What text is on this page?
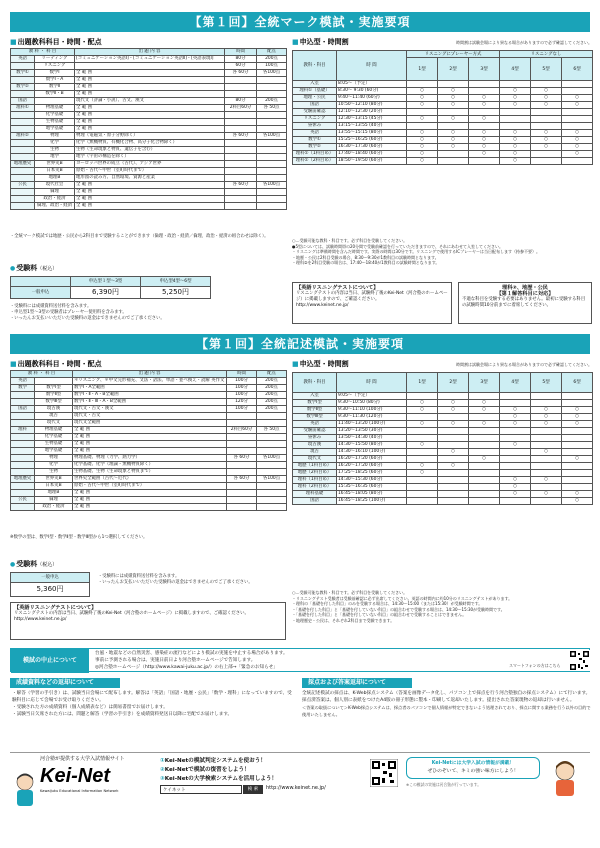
【第１回】全統マーク模試・実施要項
■ 出題教科科目・時間・配点
教 科 ・ 科 目		出 題 内 容	時間	配点
英語	リーディング	[コミュニケーション英語Ⅰ]・[コミュニケーション英語Ⅱ]・[英語表現Ⅰ]	80分	200点
	リスニング		60分	100点
数学①	数学Ⅰ	全 範 囲	各 60分	各100点
	数学Ⅰ・A	全 範 囲		
数学②	数学Ⅱ	全 範 囲		
	数学Ⅱ・B	全 範 囲		
国語		現代文（評論・小説）、古文、漢文	80分	200点
理科①	物理基礎	全 範 囲	2科目60分	各 50点
	化学基礎	全 範 囲		
	生物基礎	全 範 囲		
	地学基礎	全 範 囲		
理科②	物理	物理（電磁気・原子分野除く）	各 60分	各100点
	化学	化学（無機物質、有機化合物、高分子化合物除く）		
	生物	生物（生命現象と物質、遺伝子を含む）		
	地学	地学（宇宙の構造を除く）		
地理歴史	世界史B	ヨーロッパ世界の成立（古代）、アジア世界		
	日本史B	原始・古代〜中世（室町時代まで）		
	地理B	地形図の読み方、自然環境、資源と産業		
公民	現代社会	全 範 囲	各 60分	各100点
	倫理	全 範 囲		
	政治・経済	全 範 囲		
	倫理、政治・経済	全 範 囲		
・全統マーク模試では地歴・公民から2科目まで受験することができます（倫理・政治・経済／倫理、政治・経済の組合わせは除く）。
● 受験料（税込）
	申込型１型〜3型	申込型4型〜6型
一般申込	6,390円	5,250円
・受験料には成績資料送付料を含みます。
・申込型1型〜3型の受験者はプレーヤー使用料を含みます。
・いったんお支払いいただいた受験料の返金はできませんのでご了承ください。
■ 申込型・時間割	時間割は試験会場により異なる場合がありますので必ず確認してください。
教科・科目	時 間	リスニングにプレーヤー方式			リスニングなし		
		1型	2型	3型	4型	5型	6型
入室	8:05〜（予定）						
理科①（基礎）	8:30〜 9:30 (60分)	○	○		○	○	
地理・公民	9:40〜11:40 (60分)	○	○	○	○	○	○
国語	10:50〜12:10 (80分)	○	○	○	○	○	○
受験前確認	12:10〜12:30 (20分)						
リスニング	12:30〜13:15 (45分)	○	○	○			
昼休み	13:15〜13:55 (40分)						
英語	13:55〜15:15 (80分)	○	○	○	○	○	○
数学①	15:25〜16:25 (60分)	○	○	○	○	○	○
数学②	16:30〜17:30 (60分)	○	○	○	○	○	○
理科②（1科目め）	17:40〜18:40 (60分)	○		○	○		○
理科②（2科目め）	18:50〜19:50 (60分)	○			○		
○…受験可能な教科・科目です。必ず科目を受験してください。
●5型については、試験時間帯の20分間で受験前確認を行っていただきますので、それにあわせて入室してください。
・リスニングは準備時間を含んだ時間です。実際の時間は30分です。リスニングで使用するICプレーヤーは当日配布します（持参不要）。
・地歴・公民は2科目受験の場合、8:30〜9:30が1教科目の試験時間となります。
・理科②を2科目受験の場合は、17:40〜18:40が1教科目の試験時間となります。
【英語リスニングテストについて】
リスニングテストの内容は当日、試験終了後のKei-Net（河合塾のホームページ）に掲載しますので、ご確認ください。
http://www.keinet.ne.jp/
理科②、地歴・公民
【第１解答科目に対応】
不適な科目を受験する必要はありません。最初に受験する科目の試験時間10分前までに着席してください。
【第１回】全統記述模試・実施要項
■ 出題教科科目・時間・配点
教 科 ・ 科 目		出 題 内 容	時間	配点
英語		＊リスニング、＊中文完形補充、文法・語法、単語・並べ換え・読解 英作文	100分	200点
数学	数学Ⅰ型	数学Ⅰ・A全範囲	100分	200点
	数学Ⅱ型	数学Ⅰ・Ⅱ・A・B全範囲	100分	200点
	数学Ⅲ型	数学Ⅰ・Ⅱ・Ⅲ・A・B全範囲	120分	200点
国語	現古漢	現代文・古文・漢文	100分	200点
	現古	現代文・古文		
	現代文	現代文全範囲		
理科	物理基礎	全 範 囲	2科目60分	各 50点
	化学基礎	全 範 囲		
	生物基礎	全 範 囲		
	地学基礎	全 範 囲		
	物理	物理基礎、物理（力学、熱力学）	各 60分	各100点
	化学	化学基礎、化学（理論・無機物質除く）		
	生物	生物基礎、生物（生命現象と物質まで）		
地理歴史	世界史B	世界史全範囲（古代〜近代）	各 60分	各100点
	日本史B	原始・古代〜中世（室町時代まで）		
	地理B	全 範 囲		
公民	倫理	全 範 囲		
	政治・経済	全 範 囲		
※数学の型は、数学Ⅰ型・数学Ⅱ型・数学Ⅲ型から1つ選択してください。
● 受験料（税込）
一般申込
5,360円
・受験料には成績資料送付料を含みます。
・いったんお支払いいただいた受験料の返金はできませんのでご了承ください。
【英語リスニングテストについて】
リスニングテストの内容は当日、試験終了後のKei-Net（河合塾のホームページ）に掲載しますので、ご確認ください。
http://www.keinet.ne.jp/
■ 申込型・時間割	時間割は試験会場により異なる場合がありますので必ず確認してください。
教科・科目	時 間	1型	2型	3型	4型	5型	6型
入室	9:05〜（予定）						
数学Ⅰ型	9:30〜10:50 (80分)	○	○	○			
数学Ⅱ型	9:30〜11:10 (100分)	○	○	○	○	○	○
数学Ⅲ型	9:30〜11:30 (120分)				○	○	○
英語	11:40〜13:20 (100分)	○	○	○	○	○	○
受験前確認	13:20〜13:50 (30分)						
昼休み	13:50〜14:30 (40分)						
現古漢	14:30〜15:50 (80分)	○			○		
現古	14:30〜16:10 (100分)		○			○	
現代文	16:20〜17:20 (60分)			○			○
地歴（1科目め）	16:20〜17:20 (60分)	○	○				
地歴（2科目め）	17:25〜18:25 (60分)	○					
理科（1科目め）	14:30〜15:30 (60分)				○	○	
理科（2科目め）	15:35〜16:35 (60分)				○		
理科基礎	16:45〜18:05 (80分)				○	○	○
国語	16:45〜18:25 (100分)						○
○…受験可能な教科・科目です。必ず科目を受験してください。
・リスニングテスト受験者は受験前確認に必ず出席してください。英語の時間内に約10分のリスニングテストがあります。
・理科の「基礎を付した科目」のみを受験する場合は、14:30〜15:00（または15:30）が受験時間です。
・「基礎を付した科目」と「基礎を付していない科目」の組合わせで受験する場合は、14:30〜15:30が受験時間です。
・「基礎を付した科目」と「基礎を付していない科目」の組合わせで受験することはできません。
・地理歴史・公民は、それぞれ2科目まで受験できます。
模試の中止について
台風・地震などの自然災害、感染症の流行などにより模試の実施を中止する場合があります。
事前に予測される場合は、実施日前日より河合塾ホームページで告知します。
◎河合塾ホームページ（http://www.kawai-juku.ac.jp/）の右上部→「緊急のお知らせ」	スマートフォンの方はこちら
成績資料などの返却について
・解答（学習の手引き）は、試験当日会場にて配布します。解答は「英語」「国語・地歴・公民」「数学・理科」になっていますので、受験科目に応じて会場でお受け取りください。
・受験された方の成績資料（個人成績表など）は簡易書留でお届けします。
・試験当日欠席された方には、問題と解答（学習の手引き）を成績資料発送日以降に宅配でお届けします。
採点および答案返却について
全統記述模試の採点は、K-Web採点システム（答案を画像データ化し、パソコン上で採点を行う河合塾独自の採点システム）にて行います。採点済答案は、個人別に表紙をつけたA4版の冊子形態に製本・印刷して返却いたします。提出された答案現物の返却は行いません。
＜答案の取扱について＞K-Web採点システムは、採点者のパソコンで個人情報が特定できないよう処理されており、採点に関する業務を行う以外の目的で使用いたしません。
河合塾が提供する大学入試情報サイト
Kei-Net
Kawaijuku Educational Information Network
①Kei-Netの模試判定システムを使おう！
②Kei-Netで模試の復習をしよう！
③Kei-Netの大学検索システムを活用しよう！
ケイネット	検 索	http://www.keinet.ne.jp/
Kei-Netには大学入試の情報が満載！
ぜひのぞいて、キミの強い味方にしよう！
※この模試の実施は河合塾が行っています。
